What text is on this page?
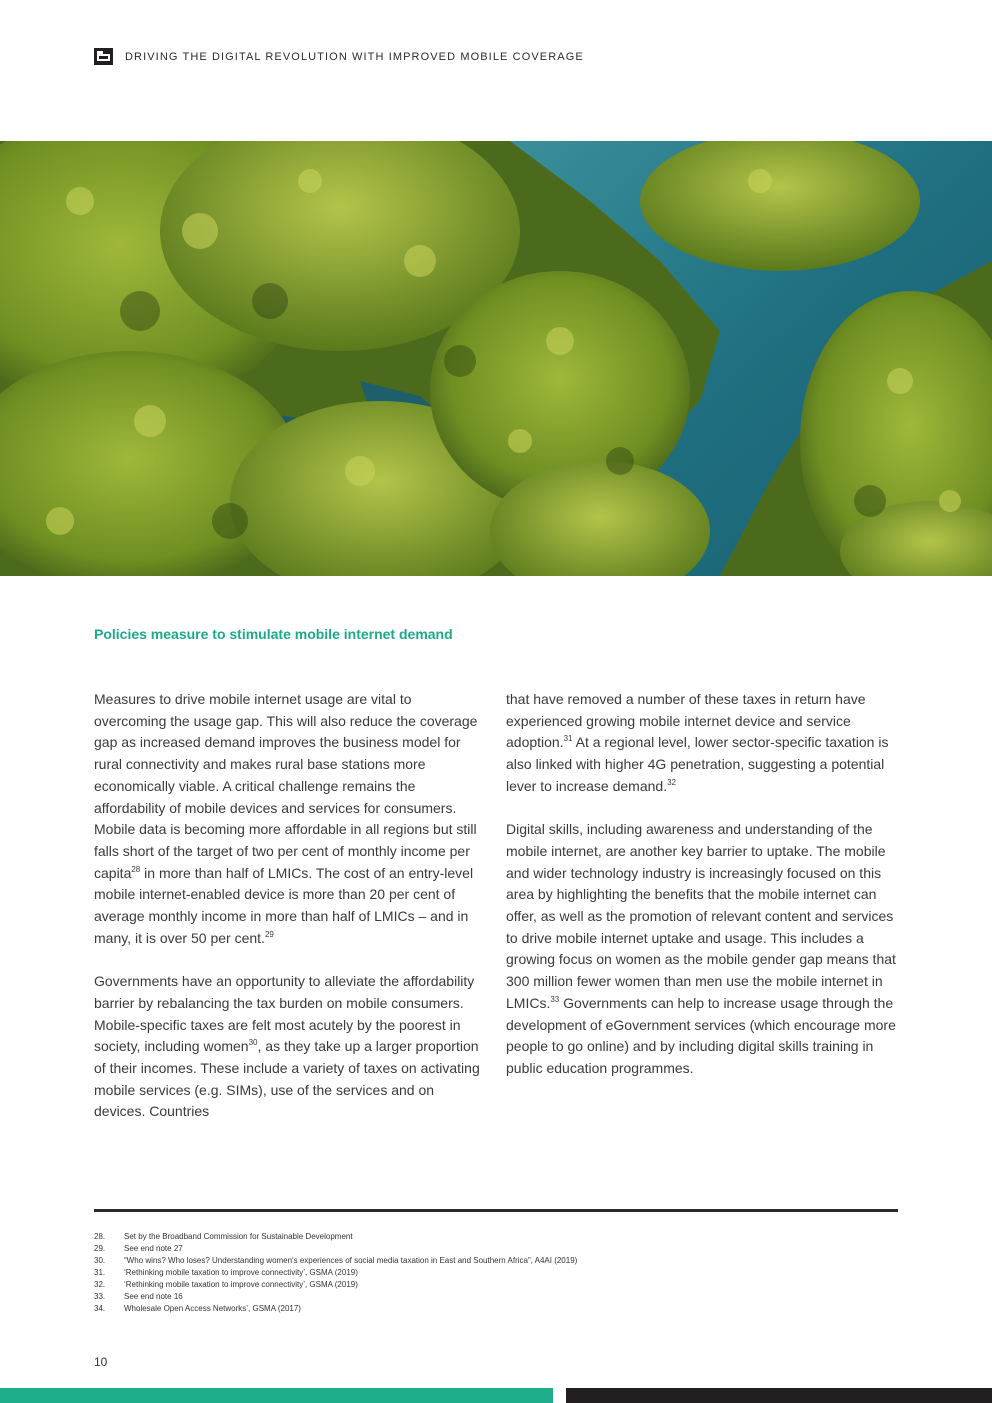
DRIVING THE DIGITAL REVOLUTION WITH IMPROVED MOBILE COVERAGE
Policies measure to stimulate mobile internet demand

Measures to drive mobile internet usage are vital to overcoming the usage gap. This will also reduce the coverage gap as increased demand improves the business model for rural connectivity and makes rural base stations more economically viable. A critical challenge remains the affordability of mobile devices and services for consumers. Mobile data is becoming more affordable in all regions but still falls short of the target of two per cent of monthly income per capita$^{28}$ in more than half of LMICs. The cost of an entry-level mobile internet-enabled device is more than 20 per cent of average monthly income in more than half of LMICs – and in many, it is over 50 per cent.$^{29}$

Governments have an opportunity to alleviate the affordability barrier by rebalancing the tax burden on mobile consumers. Mobile-specific taxes are felt most acutely by the poorest in society, including women$^{30}$, as they take up a larger proportion of their incomes. These include a variety of taxes on activating mobile services (e.g. SIMs), use of the services and on devices. Countries

that have removed a number of these taxes in return have experienced growing mobile internet device and service adoption.$^{31}$ At a regional level, lower sector-specific taxation is also linked with higher 4G penetration, suggesting a potential lever to increase demand.$^{32}$

Digital skills, including awareness and understanding of the mobile internet, are another key barrier to uptake. The mobile and wider technology industry is increasingly focused on this area by highlighting the benefits that the mobile internet can offer, as well as the promotion of relevant content and services to drive mobile internet uptake and usage. This includes a growing focus on women as the mobile gender gap means that 300 million fewer women than men use the mobile internet in LMICs.$^{33}$ Governments can help to increase usage through the development of eGovernment services (which encourage more people to go online) and by including digital skills training in public education programmes.

28.	Set by the Broadband Commission for Sustainable Development
29.	See end note 27
30.	“Who wins? Who loses? Understanding women's experiences of social media taxation in East and Southern Africa”, A4AI (2019)
31.	‘Rethinking mobile taxation to improve connectivity’, GSMA (2019)
32.	‘Rethinking mobile taxation to improve connectivity’, GSMA (2019)
33.	See end note 16
34.	Wholesale Open Access Networks’, GSMA (2017)
10
